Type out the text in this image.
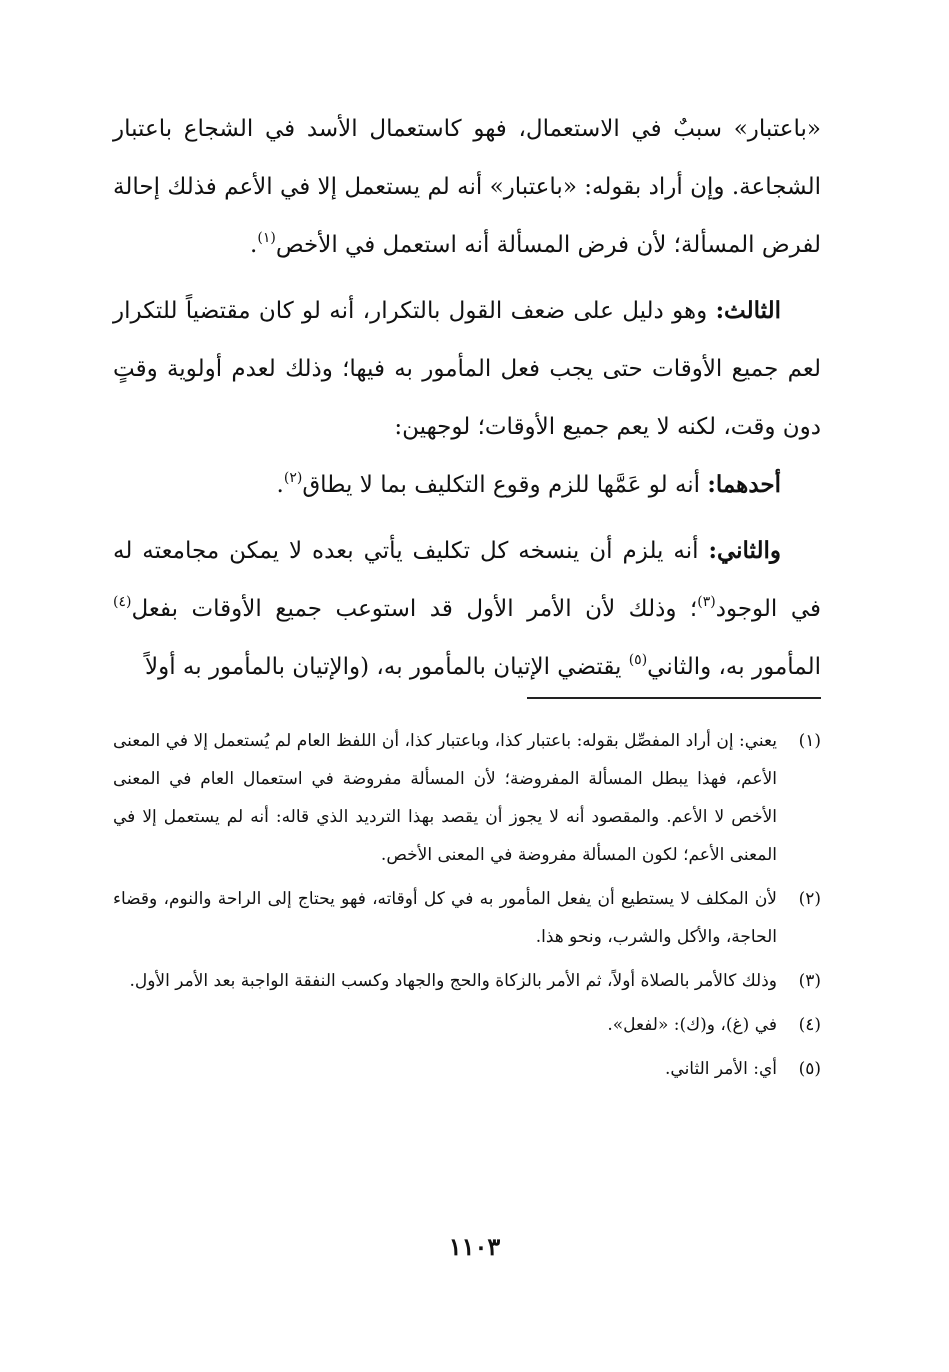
«باعتبار» سببٌ في الاستعمال، فهو كاستعمال الأسد في الشجاع باعتبار الشجاعة. وإن أراد بقوله: «باعتبار» أنه لم يستعمل إلا في الأعم فذلك إحالة لفرض المسألة؛ لأن فرض المسألة أنه استعمل في الأخص$^{(١)}$.

الثالث: وهو دليل على ضعف القول بالتكرار، أنه لو كان مقتضياً للتكرار لعم جميع الأوقات حتى يجب فعل المأمور به فيها؛ وذلك لعدم أولوية وقتٍ دون وقت، لكنه لا يعم جميع الأوقات؛ لوجهين:

أحدهما: أنه لو عَمَّها للزم وقوع التكليف بما لا يطاق$^{(٢)}$.

والثاني: أنه يلزم أن ينسخه كل تكليف يأتي بعده لا يمكن مجامعته له في الوجود$^{(٣)}$؛ وذلك لأن الأمر الأول قد استوعب جميع الأوقات بفعل$^{(٤)}$ المأمور به، والثاني$^{(٥)}$ يقتضي الإتيان بالمأمور به، (والإتيان بالمأمور به أولاً

(١)
يعني: إن أراد المفصِّل بقوله: باعتبار كذا، وباعتبار كذا، أن اللفظ العام لم يُستعمل إلا في المعنى الأعم، فهذا يبطل المسألة المفروضة؛ لأن المسألة مفروضة في استعمال العام في المعنى الأخص لا الأعم. والمقصود أنه لا يجوز أن يقصد بهذا الترديد الذي قاله: أنه لم يستعمل إلا في المعنى الأعم؛ لكون المسألة مفروضة في المعنى الأخص.
(٢)
لأن المكلف لا يستطيع أن يفعل المأمور به في كل أوقاته، فهو يحتاج إلى الراحة والنوم، وقضاء الحاجة، والأكل والشرب، ونحو هذا.
(٣)
وذلك كالأمر بالصلاة أولاً، ثم الأمر بالزكاة والحج والجهاد وكسب النفقة الواجبة بعد الأمر الأول.
(٤)
في (غ)، و(ك): «لفعل».
(٥)
أي: الأمر الثاني.
١١٠٣
